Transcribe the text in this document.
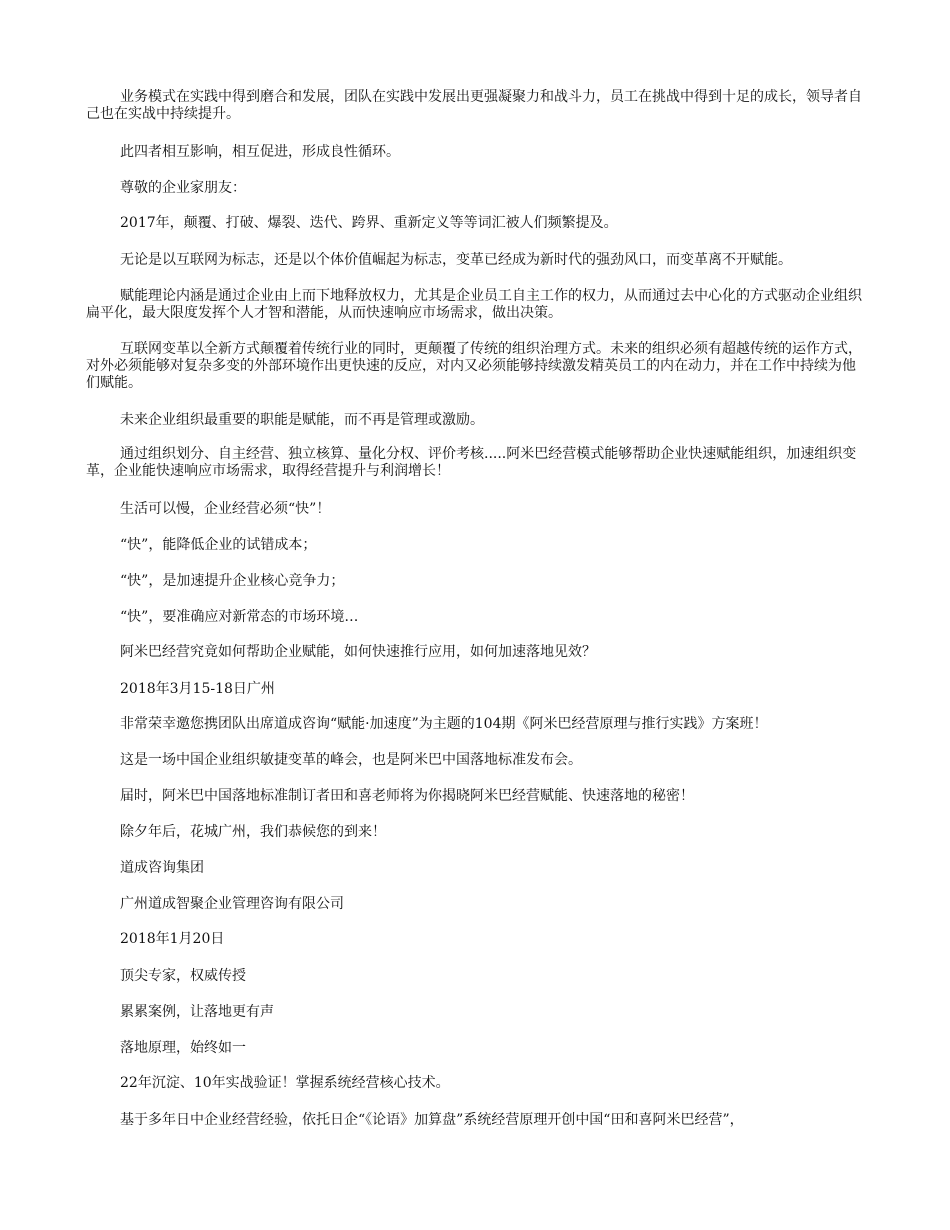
业务模式在实践中得到磨合和发展，团队在实践中发展出更强凝聚力和战斗力，员工在挑战中得到十足的成长，领导者自己也在实战中持续提升。

此四者相互影响，相互促进，形成良性循环。

尊敬的企业家朋友：

2017年，颠覆、打破、爆裂、迭代、跨界、重新定义等等词汇被人们频繁提及。

无论是以互联网为标志，还是以个体价值崛起为标志，变革已经成为新时代的强劲风口，而变革离不开赋能。

赋能理论内涵是通过企业由上而下地释放权力，尤其是企业员工自主工作的权力，从而通过去中心化的方式驱动企业组织扁平化，最大限度发挥个人才智和潜能，从而快速响应市场需求，做出决策。

互联网变革以全新方式颠覆着传统行业的同时，更颠覆了传统的组织治理方式。未来的组织必须有超越传统的运作方式，对外必须能够对复杂多变的外部环境作出更快速的反应，对内又必须能够持续激发精英员工的内在动力，并在工作中持续为他们赋能。

未来企业组织最重要的职能是赋能，而不再是管理或激励。

通过组织划分、自主经营、独立核算、量化分权、评价考核.....阿米巴经营模式能够帮助企业快速赋能组织，加速组织变革，企业能快速响应市场需求，取得经营提升与利润增长！

生活可以慢，企业经营必须“快”！

“快”，能降低企业的试错成本；

“快”，是加速提升企业核心竞争力；

“快”，要准确应对新常态的市场环境…

阿米巴经营究竟如何帮助企业赋能，如何快速推行应用，如何加速落地见效？

2018年3月15-18日广州

非常荣幸邀您携团队出席道成咨询“赋能·加速度”为主题的104期《阿米巴经营原理与推行实践》方案班！

这是一场中国企业组织敏捷变革的峰会，也是阿米巴中国落地标准发布会。

届时，阿米巴中国落地标准制订者田和喜老师将为你揭晓阿米巴经营赋能、快速落地的秘密！

除夕年后，花城广州，我们恭候您的到来！

道成咨询集团

广州道成智聚企业管理咨询有限公司

2018年1月20日

顶尖专家，权威传授

累累案例，让落地更有声

落地原理，始终如一

22年沉淀、10年实战验证！掌握系统经营核心技术。

基于多年日中企业经营经验，依托日企“《论语》加算盘”系统经营原理开创中国“田和喜阿米巴经营”，
